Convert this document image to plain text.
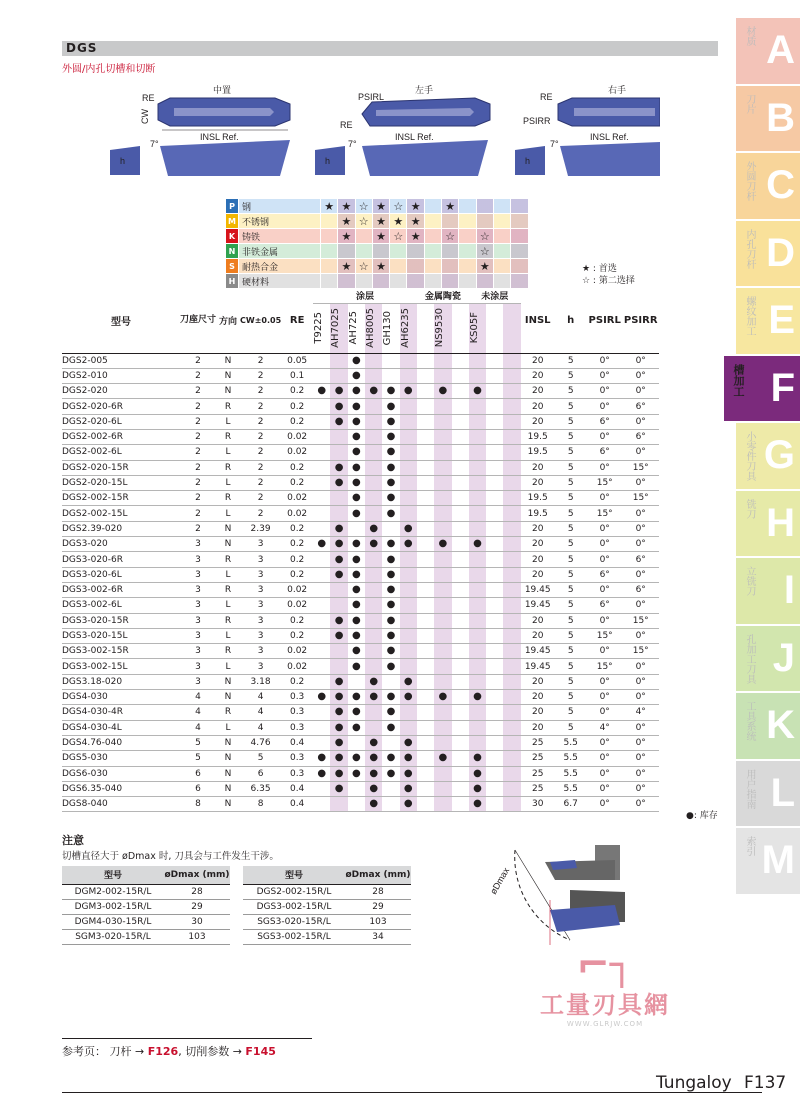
DGS
外圆/内孔切槽和切断
中置
RE
CW
INSL Ref.
7°
h
左手
PSIRL
RE
INSL Ref.
7°
h
右手
RE
PSIRR
INSL Ref.
7°
h
P	钢	★	★	☆	★	☆	★		★				
M	不锈钢		★	☆	★	★	★						
K	铸铁		★		★	☆	★		☆		☆		
N	非铁金属										☆		
S	耐热合金		★	☆	★						★		
H	硬材料												
★ : 首选
☆ : 第二选择
型号	刀座尺寸	方向	CW±0.05	RE	涂层						金属陶瓷			未涂层			INSL	h	PSIRL	PSIRR

					T9225	AH7025	AH725	AH8005	GH130	AH6235		NS9530		KS05F						

DGS2-005	2	N	2	0.05			●										20	5	0°	0°
DGS2-010	2	N	2	0.1			●										20	5	0°	0°
DGS2-020	2	N	2	0.2	●	●	●	●	●	●		●		●			20	5	0°	0°
DGS2-020-6R	2	R	2	0.2		●	●		●								20	5	0°	6°
DGS2-020-6L	2	L	2	0.2		●	●		●								20	5	6°	0°
DGS2-002-6R	2	R	2	0.02			●		●								19.5	5	0°	6°
DGS2-002-6L	2	L	2	0.02			●		●								19.5	5	6°	0°
DGS2-020-15R	2	R	2	0.2		●	●		●								20	5	0°	15°
DGS2-020-15L	2	L	2	0.2		●	●		●								20	5	15°	0°
DGS2-002-15R	2	R	2	0.02			●		●								19.5	5	0°	15°
DGS2-002-15L	2	L	2	0.02			●		●								19.5	5	15°	0°
DGS2.39-020	2	N	2.39	0.2		●		●		●							20	5	0°	0°
DGS3-020	3	N	3	0.2	●	●	●	●	●	●		●		●			20	5	0°	0°
DGS3-020-6R	3	R	3	0.2		●	●		●								20	5	0°	6°
DGS3-020-6L	3	L	3	0.2		●	●		●								20	5	6°	0°
DGS3-002-6R	3	R	3	0.02			●		●								19.45	5	0°	6°
DGS3-002-6L	3	L	3	0.02			●		●								19.45	5	6°	0°
DGS3-020-15R	3	R	3	0.2		●	●		●								20	5	0°	15°
DGS3-020-15L	3	L	3	0.2		●	●		●								20	5	15°	0°
DGS3-002-15R	3	R	3	0.02			●		●								19.45	5	0°	15°
DGS3-002-15L	3	L	3	0.02			●		●								19.45	5	15°	0°
DGS3.18-020	3	N	3.18	0.2		●		●		●							20	5	0°	0°
DGS4-030	4	N	4	0.3	●	●	●	●	●	●		●		●			20	5	0°	0°
DGS4-030-4R	4	R	4	0.3		●	●		●								20	5	0°	4°
DGS4-030-4L	4	L	4	0.3		●	●		●								20	5	4°	0°
DGS4.76-040	5	N	4.76	0.4		●		●		●							25	5.5	0°	0°
DGS5-030	5	N	5	0.3	●	●	●	●	●	●		●		●			25	5.5	0°	0°
DGS6-030	6	N	6	0.3	●	●	●	●	●	●				●			25	5.5	0°	0°
DGS6.35-040	6	N	6.35	0.4		●		●		●				●			25	5.5	0°	0°
DGS8-040	8	N	8	0.4				●		●				●			30	6.7	0°	0°
●: 库存
注意
切槽直径大于 øDmax 时, 刀具会与工件发生干涉。
型号	øDmax (mm)
DGM2-002-15R/L	28
DGM3-002-15R/L	29
DGM4-030-15R/L	30
SGM3-020-15R/L	103
型号	øDmax (mm)
DGS2-002-15R/L	28
DGS3-002-15R/L	29
SGS3-020-15R/L	103
SGS3-002-15R/L	34
øDmax
⌐┐
工量刃具網
WWW.GLRJW.COM
参考页： 刀杆 → F126, 切削参数 → F145
Tungaloy F137
材质 A
刀片 B
外圆刀杆 C
内孔刀杆 D
螺纹加工 E
槽加工 F
小零件刀具 G
铣刀 H
立铣刀 I
孔加工刀具 J
工具系统 K
用户指南 L
索引 M
